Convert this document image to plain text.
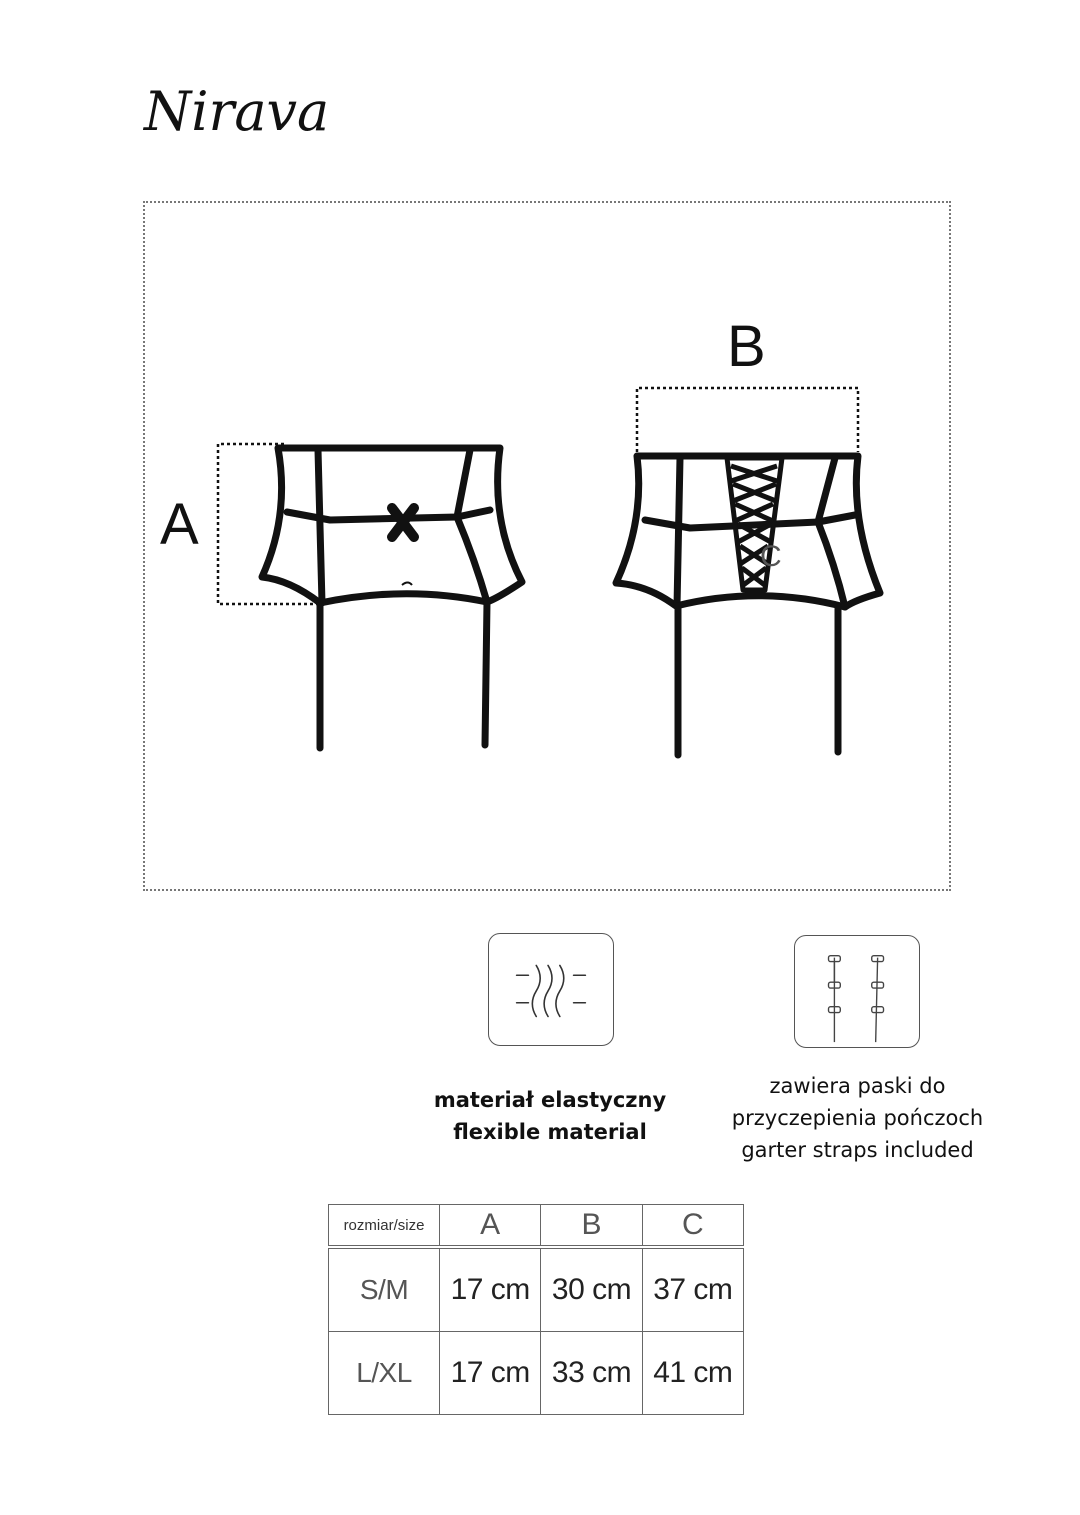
Nirava
A	C
B
materiał elastyczny
flexible material
zawiera paski do
przyczepienia pończoch
garter straps included
rozmiar/size	A	B	C
S/M	17 cm	30 cm	37 cm
L/XL	17 cm	33 cm	41 cm
